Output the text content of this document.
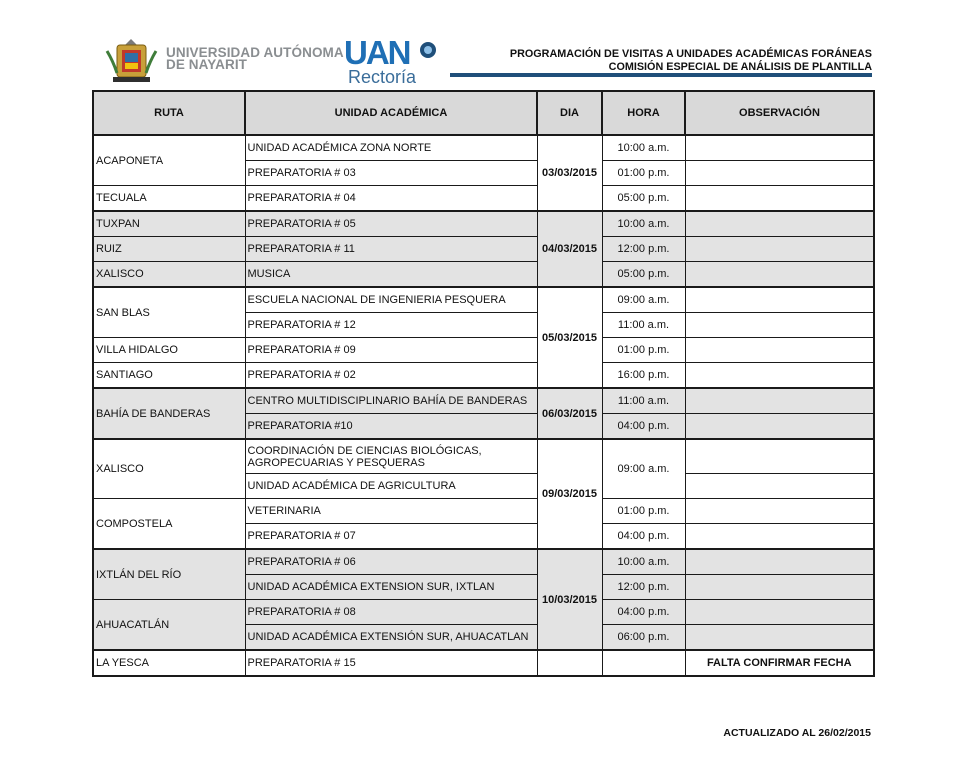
UNIVERSIDAD AUTÓNOMA
DE NAYARIT	UAN
Rectoría
PROGRAMACIÓN DE VISITAS A UNIDADES ACADÉMICAS FORÁNEAS
COMISIÓN ESPECIAL DE ANÁLISIS DE PLANTILLA
RUTA	UNIDAD ACADÉMICA	DIA	HORA	OBSERVACIÓN
ACAPONETA	UNIDAD ACADÉMICA ZONA NORTE	03/03/2015	10:00 a.m.	
	PREPARATORIA # 03		01:00 p.m.	
TECUALA	PREPARATORIA # 04		05:00 p.m.	
TUXPAN	PREPARATORIA # 05	04/03/2015	10:00 a.m.	
RUIZ	PREPARATORIA # 11		12:00 p.m.	
XALISCO	MUSICA		05:00 p.m.	
SAN BLAS	ESCUELA NACIONAL DE INGENIERIA PESQUERA	05/03/2015	09:00 a.m.	
	PREPARATORIA # 12		11:00 a.m.	
VILLA HIDALGO	PREPARATORIA # 09		01:00 p.m.	
SANTIAGO	PREPARATORIA # 02		16:00 p.m.	
BAHÍA DE BANDERAS	CENTRO MULTIDISCIPLINARIO BAHÍA DE BANDERAS	06/03/2015	11:00 a.m.	
	PREPARATORIA #10		04:00 p.m.	
XALISCO	COORDINACIÓN DE CIENCIAS BIOLÓGICAS, AGROPECUARIAS Y PESQUERAS	09/03/2015	09:00 a.m.	
	UNIDAD ACADÉMICA DE AGRICULTURA			
COMPOSTELA	VETERINARIA		01:00 p.m.	
	PREPARATORIA # 07		04:00 p.m.	
IXTLÁN DEL RÍO	PREPARATORIA # 06	10/03/2015	10:00 a.m.	
	UNIDAD ACADÉMICA EXTENSION SUR, IXTLAN		12:00 p.m.	
AHUACATLÁN	PREPARATORIA # 08		04:00 p.m.	
	UNIDAD ACADÉMICA EXTENSIÓN SUR, AHUACATLAN		06:00 p.m.	
LA YESCA	PREPARATORIA # 15			FALTA CONFIRMAR FECHA
ACTUALIZADO AL 26/02/2015
